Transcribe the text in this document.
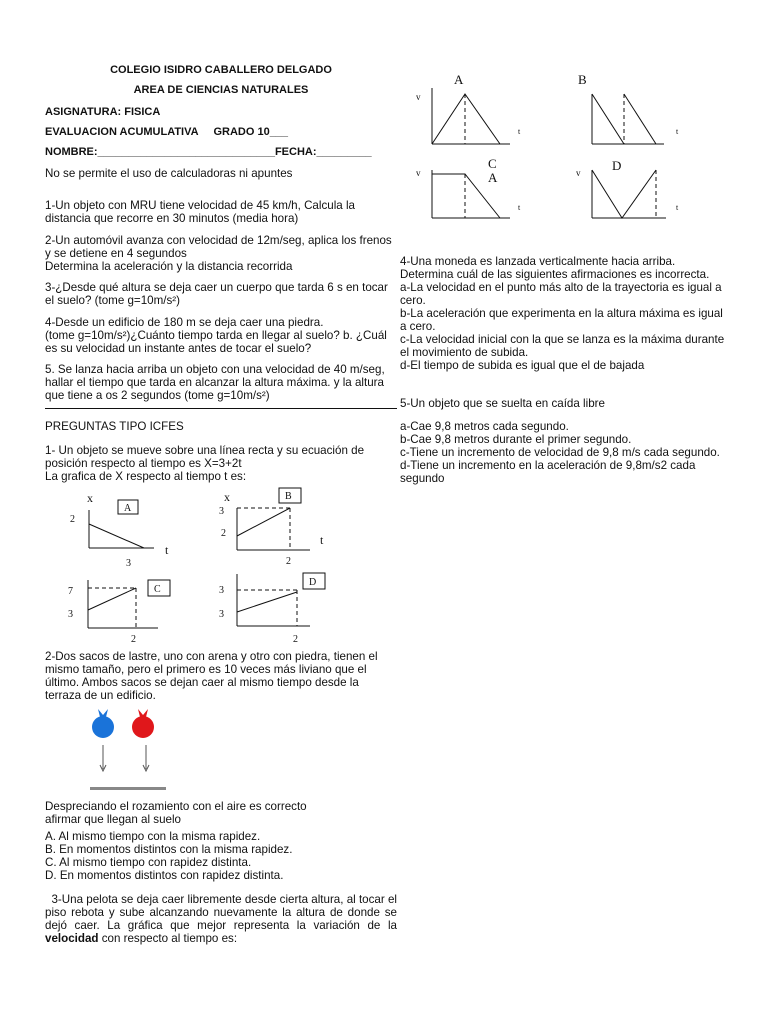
COLEGIO ISIDRO CABALLERO DELGADO
AREA DE CIENCIAS NATURALES
ASIGNATURA: FISICA
EVALUACION ACUMULATIVA     GRADO 10___
NOMBRE:_____________________________FECHA:_________
No se permite el uso de calculadoras ni apuntes
1-Un objeto con MRU tiene velocidad de 45 km/h, Calcula la distancia que recorre en 30 minutos (media hora)
2-Un automóvil avanza con velocidad de 12m/seg, aplica los frenos y se detiene en 4 segundos
Determina la aceleración y la distancia recorrida
3-¿Desde qué altura se deja caer un cuerpo que tarda 6 s en tocar el suelo? (tome g=10m/s²)
4-Desde un edificio de 180 m se deja caer una piedra.
(tome g=10m/s²)¿Cuánto tiempo tarda en llegar al suelo? b. ¿Cuál es su velocidad un instante antes de tocar el suelo?
5. Se lanza hacia arriba un objeto con una velocidad de 40 m/seg, hallar el tiempo que tarda en alcanzar la altura máxima. y la altura que tiene a os 2 segundos (tome g=10m/s²)
PREGUNTAS TIPO ICFES
1- Un objeto se mueve sobre una línea recta y su ecuación de posición respecto al tiempo es X=3+2t
La grafica de X respecto al tiempo t es:
x
A
2
3
t
x	B
3
2
2
t
C
7
3
2
D
3
3
2
2-Dos sacos de lastre, uno con arena y otro con piedra, tienen el mismo tamaño, pero el primero es 10 veces más liviano que el último. Ambos sacos se dejan caer al mismo tiempo desde la terraza de un edificio.
Despreciando el rozamiento con el aire es correcto
afirmar que llegan al suelo
A. Al mismo tiempo con la misma rapidez.
B. En momentos distintos con la misma rapidez.
C. Al mismo tiempo con rapidez distinta.
D. En momentos distintos con rapidez distinta.
3-Una pelota se deja caer libremente desde cierta altura, al tocar el piso rebota y sube alcanzando nuevamente la altura de donde se dejó caer. La gráfica que mejor representa la variación de la velocidad con respecto al tiempo es:
A
v
t
B
t
C
A
v
t
D
v
t
4-Una moneda es lanzada verticalmente hacia arriba. Determina cuál de las siguientes afirmaciones es incorrecta.
a-La velocidad en el punto más alto de la trayectoria es igual a cero.
b-La aceleración que experimenta en la altura máxima es igual a cero.
c-La velocidad inicial con la que se lanza es la máxima durante el movimiento de subida.
d-El tiempo de subida es igual que el de bajada
5-Un objeto que se suelta en caída libre
a-Cae 9,8 metros cada segundo.
b-Cae 9,8 metros durante el primer segundo.
c-Tiene un incremento de velocidad de 9,8 m/s cada segundo.
d-Tiene un incremento en la aceleración de 9,8m/s2 cada segundo
